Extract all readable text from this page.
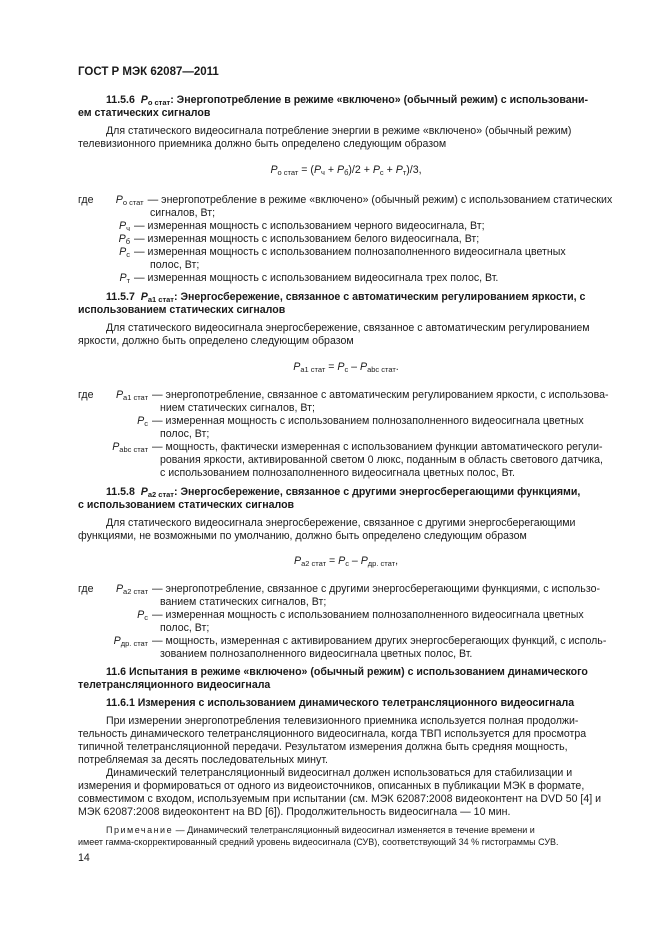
ГОСТ Р МЭК 62087—2011
11.5.6 $P_{о стат}$: Энергопотребление в режиме «включено» (обычный режим) с использовани-
ем статических сигналов
Для статического видеосигнала потребление энергии в режиме «включено» (обычный режим)
телевизионного приемника должно быть определено следующим образом
$P_{о стат} = (P_ч + P_б)/2 + P_с + P_т)/3$,
где	$P_{о стат}$ — энергопотребление в режиме «включено» (обычный режим) с использованием статических
сигналов, Вт;
$P_ч$ — измеренная мощность с использованием черного видеосигнала, Вт;
$P_б$ — измеренная мощность с использованием белого видеосигнала, Вт;
$P_с$ — измеренная мощность с использованием полнозаполненного видеосигнала цветных
полос, Вт;
$P_т$ — измеренная мощность с использованием видеосигнала трех полос, Вт.
11.5.7 $P_{a1 стат}$: Энергосбережение, связанное с автоматическим регулированием яркости, с
использованием статических сигналов
Для статического видеосигнала энергосбережение, связанное с автоматическим регулированием
яркости, должно быть определено следующим образом
$P_{a1 стат} = P_с - P_{abc стат}$.
где	$P_{a1 стат}$ — энергопотребление, связанное с автоматическим регулированием яркости, с использова-
нием статических сигналов, Вт;
$P_с$ — измеренная мощность с использованием полнозаполненного видеосигнала цветных
полос, Вт;
$P_{abc стат}$ — мощность, фактически измеренная с использованием функции автоматического регули-
рования яркости, активированной светом 0 люкс, поданным в область светового датчика,
с использованием полнозаполненного видеосигнала цветных полос, Вт.
11.5.8 $P_{a2 стат}$: Энергосбережение, связанное с другими энергосберегающими функциями,
с использованием статических сигналов
Для статического видеосигнала энергосбережение, связанное с другими энергосберегающими
функциями, не возможными по умолчанию, должно быть определено следующим образом
$P_{a2 стат} = P_с - P_{др. стат}$,
где	$P_{a2 стат}$ — энергопотребление, связанное с другими энергосберегающими функциями, с использо-
ванием статических сигналов, Вт;
$P_с$ — измеренная мощность с использованием полнозаполненного видеосигнала цветных
полос, Вт;
$P_{др. стат}$ — мощность, измеренная с активированием других энергосберегающих функций, с исполь-
зованием полнозаполненного видеосигнала цветных полос, Вт.
11.6 Испытания в режиме «включено» (обычный режим) с использованием динамического
телетрансляционного видеосигнала
11.6.1 Измерения с использованием динамического телетрансляционного видеосигнала
При измерении энергопотребления телевизионного приемника используется полная продолжи-
тельность динамического телетрансляционного видеосигнала, когда ТВП используется для просмотра
типичной телетрансляционной передачи. Результатом измерения должна быть средняя мощность,
потребляемая за десять последовательных минут.
Динамический телетрансляционный видеосигнал должен использоваться для стабилизации и
измерения и формироваться от одного из видеоисточников, описанных в публикации МЭК в формате,
совместимом с входом, используемым при испытании (см. МЭК 62087:2008 видеоконтент на DVD 50 [4] и
МЭК 62087:2008 видеоконтент на BD [6]). Продолжительность видеосигнала — 10 мин.
Примечание — Динамический телетрансляционный видеосигнал изменяется в течение времени и
имеет гамма-скорректированный средний уровень видеосигнала (СУВ), соответствующий 34 % гистограммы СУВ.
14
